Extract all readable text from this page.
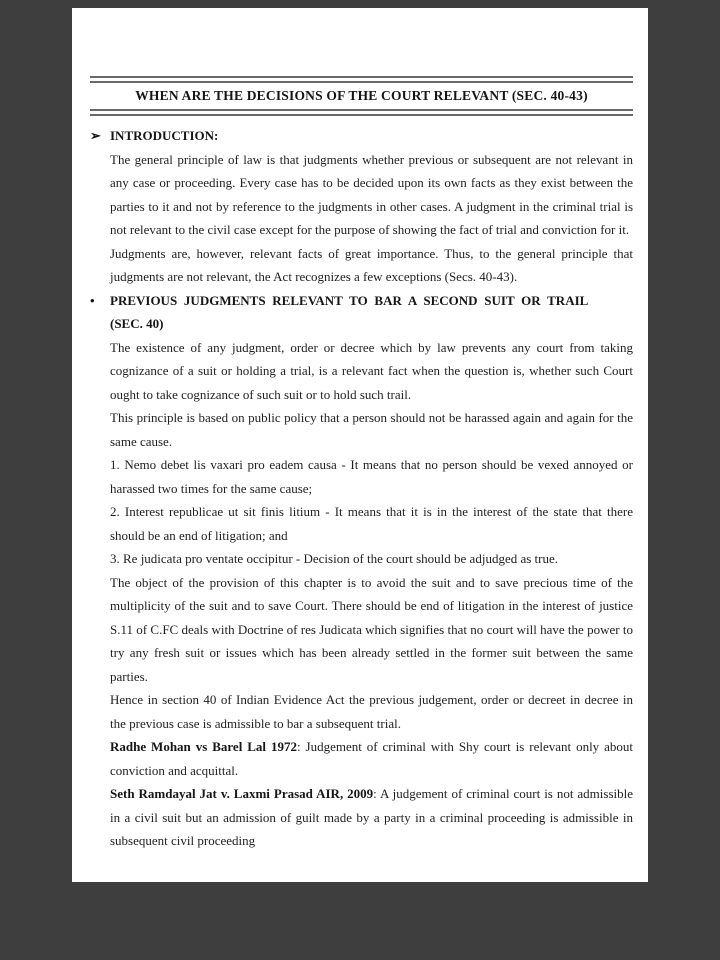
WHEN ARE THE DECISIONS OF THE COURT RELEVANT (SEC. 40-43)
➢ INTRODUCTION:

The general principle of law is that judgments whether previous or subsequent are not relevant in any case or proceeding. Every case has to be decided upon its own facts as they exist between the parties to it and not by reference to the judgments in other cases. A judgment in the criminal trial is not relevant to the civil case except for the purpose of showing the fact of trial and conviction for it.

Judgments are, however, relevant facts of great importance. Thus, to the general principle that judgments are not relevant, the Act recognizes a few exceptions (Secs. 40-43).

•	PREVIOUS JUDGMENTS RELEVANT TO BAR A SECOND SUIT OR TRAIL
(SEC. 40)

The existence of any judgment, order or decree which by law prevents any court from taking cognizance of a suit or holding a trial, is a relevant fact when the question is, whether such Court ought to take cognizance of such suit or to hold such trail.

This principle is based on public policy that a person should not be harassed again and again for the same cause.

1. Nemo debet lis vaxari pro eadem causa - It means that no person should be vexed annoyed or harassed two times for the same cause;

2. Interest republicae ut sit finis litium - It means that it is in the interest of the state that there should be an end of litigation; and

3. Re judicata pro ventate occipitur - Decision of the court should be adjudged as true.

The object of the provision of this chapter is to avoid the suit and to save precious time of the multiplicity of the suit and to save Court. There should be end of litigation in the interest of justice S.11 of C.FC deals with Doctrine of res Judicata which signifies that no court will have the power to try any fresh suit or issues which has been already settled in the former suit between the same parties.

Hence in section 40 of Indian Evidence Act the previous judgement, order or decreet in decree in the previous case is admissible to bar a subsequent trial.

Radhe Mohan vs Barel Lal 1972: Judgement of criminal with Shy court is relevant only about conviction and acquittal.

Seth Ramdayal Jat v. Laxmi Prasad AIR, 2009: A judgement of criminal court is not admissible in a civil suit but an admission of guilt made by a party in a criminal proceeding is admissible in subsequent civil proceeding
